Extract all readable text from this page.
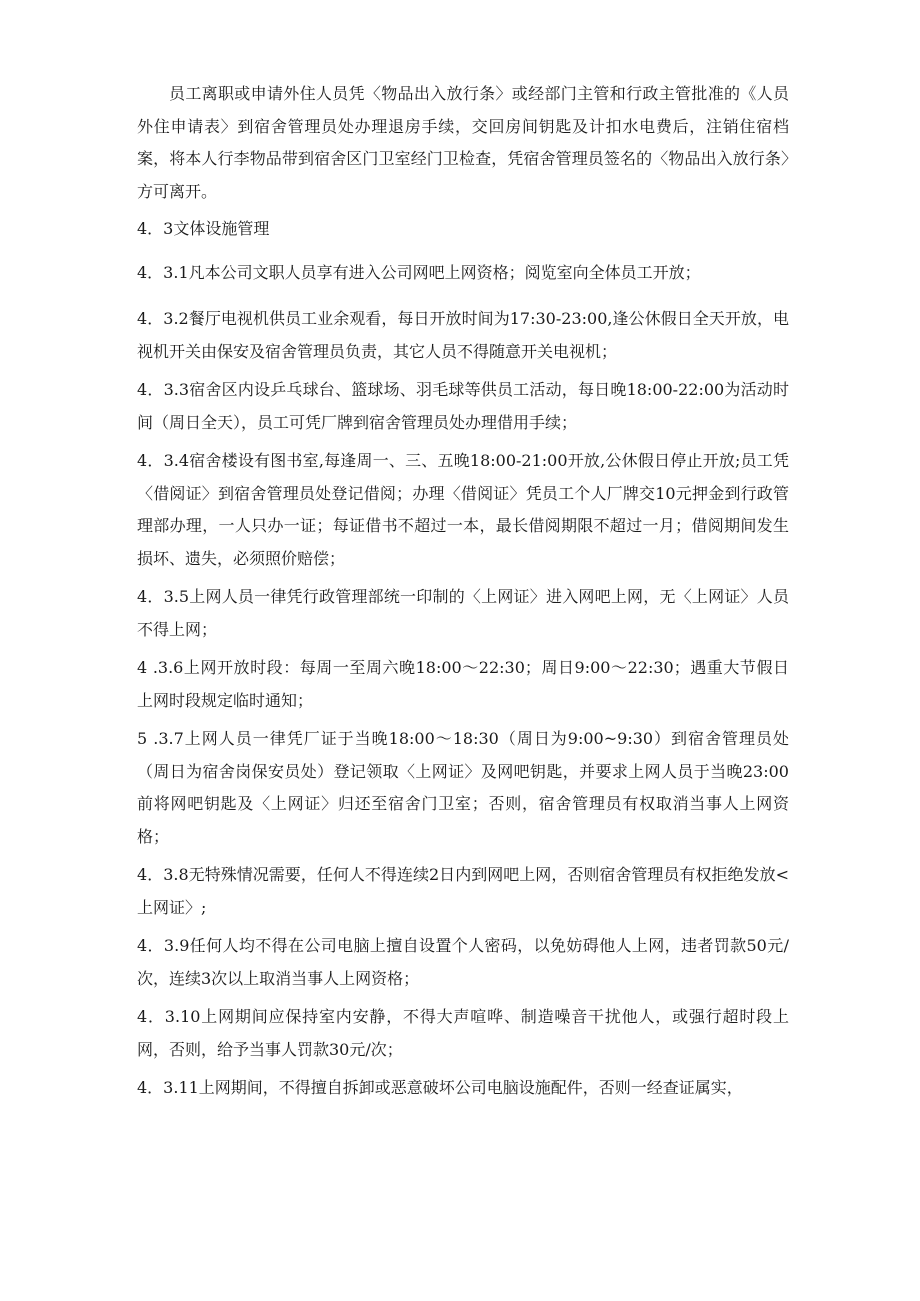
员工离职或申请外住人员凭〈物品出入放行条〉或经部门主管和行政主管批准的《人员外住申请表〉到宿舍管理员处办理退房手续，交回房间钥匙及计扣水电费后，注销住宿档案，将本人行李物品带到宿舍区门卫室经门卫检查，凭宿舍管理员签名的〈物品出入放行条〉方可离开。

4．3文体设施管理

4．3.1凡本公司文职人员享有进入公司网吧上网资格；阅览室向全体员工开放；

4．3.2餐厅电视机供员工业余观看，每日开放时间为17:30-23:00,逢公休假日全天开放，电视机开关由保安及宿舍管理员负责，其它人员不得随意开关电视机；

4．3.3宿舍区内设乒乓球台、篮球场、羽毛球等供员工活动，每日晚18:00-22:00为活动时间（周日全天），员工可凭厂牌到宿舍管理员处办理借用手续；

4．3.4宿舍楼设有图书室,每逢周一、三、五晚18:00-21:00开放,公休假日停止开放;员工凭〈借阅证〉到宿舍管理员处登记借阅；办理〈借阅证〉凭员工个人厂牌交10元押金到行政管理部办理，一人只办一证；每证借书不超过一本，最长借阅期限不超过一月；借阅期间发生损坏、遗失，必须照价赔偿；

4．3.5上网人员一律凭行政管理部统一印制的〈上网证〉进入网吧上网，无〈上网证〉人员不得上网；

4 .3.6上网开放时段：每周一至周六晚18:00～22:30；周日9:00～22:30；遇重大节假日上网时段规定临时通知；

5 .3.7上网人员一律凭厂证于当晚18:00～18:30（周日为9:00~9:30）到宿舍管理员处（周日为宿舍岗保安员处）登记领取〈上网证〉及网吧钥匙，并要求上网人员于当晚23:00前将网吧钥匙及〈上网证〉归还至宿舍门卫室；否则，宿舍管理员有权取消当事人上网资格；

4．3.8无特殊情况需要，任何人不得连续2日内到网吧上网，否则宿舍管理员有权拒绝发放<上网证〉;

4．3.9任何人均不得在公司电脑上擅自设置个人密码，以免妨碍他人上网，违者罚款50元/次，连续3次以上取消当事人上网资格；

4．3.10上网期间应保持室内安静，不得大声喧哗、制造噪音干扰他人，或强行超时段上网，否则，给予当事人罚款30元/次；

4．3.11上网期间，不得擅自拆卸或恶意破坏公司电脑设施配件，否则一经查证属实，
